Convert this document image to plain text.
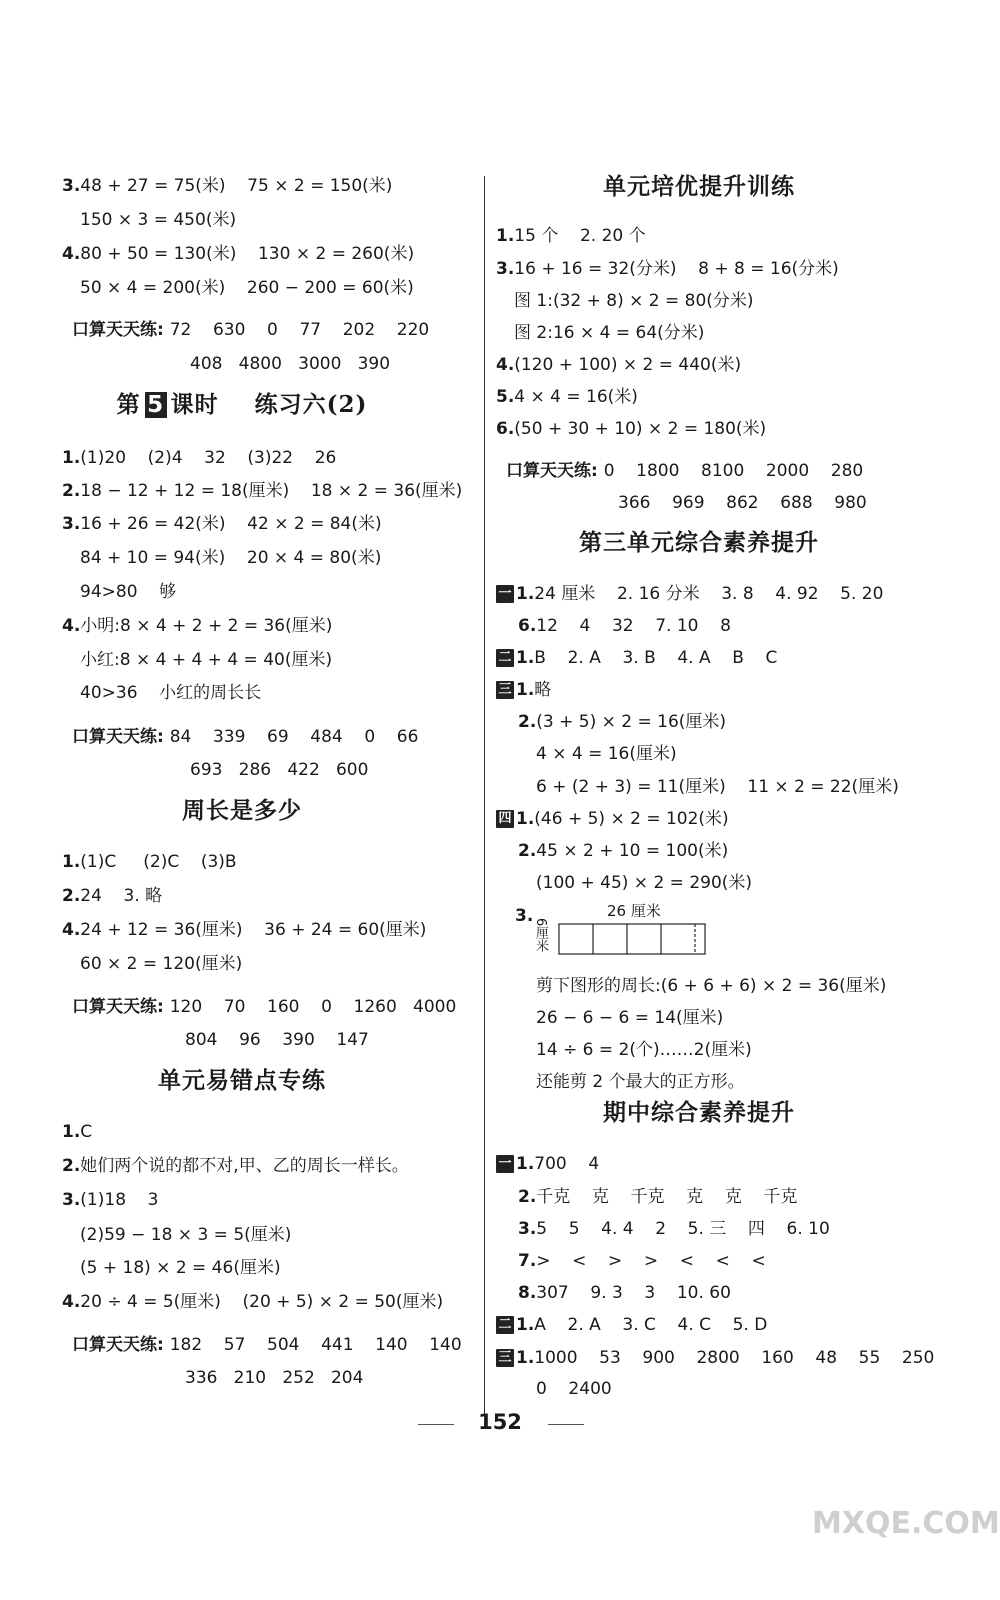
3.48 + 27 = 75(米)    75 × 2 = 150(米)
150 × 3 = 450(米)
4.80 + 50 = 130(米)    130 × 2 = 260(米)
50 × 4 = 200(米)    260 − 200 = 60(米)
1.(1)20    (2)4    32    (3)22    26
2.18 − 12 + 12 = 18(厘米)    18 × 2 = 36(厘米)
3.16 + 26 = 42(米)    42 × 2 = 84(米)
84 + 10 = 94(米)    20 × 4 = 80(米)
94>80    够
4.小明:8 × 4 + 2 + 2 = 36(厘米)
小红:8 × 4 + 4 + 4 = 40(厘米)
40>36    小红的周长长
1.(1)C     (2)C    (3)B
2.24    3. 略
4.24 + 12 = 36(厘米)    36 + 24 = 60(厘米)
60 × 2 = 120(厘米)
1.C
2.她们两个说的都不对,甲、乙的周长一样长。
3.(1)18    3
(2)59 − 18 × 3 = 5(厘米)
(5 + 18) × 2 = 46(厘米)
4.20 ÷ 4 = 5(厘米)    (20 + 5) × 2 = 50(厘米)
口算天天练: 72    630    0    77    202    220
408   4800   3000   390
口算天天练: 84    339    69    484    0    66
693   286   422   600
口算天天练: 120    70    160    0    1260   4000
804    96    390    147
口算天天练: 182    57    504    441    140    140
336   210   252   204
第 5 课时    练习六(2)
周长是多少
单元易错点专练
单元培优提升训练
第三单元综合素养提升
期中综合素养提升
1.15 个    2. 20 个
3.16 + 16 = 32(分米)    8 + 8 = 16(分米)
图 1:(32 + 8) × 2 = 80(分米)
图 2:16 × 4 = 64(分米)
4.(120 + 100) × 2 = 440(米)
5.4 × 4 = 16(米)
6.(50 + 30 + 10) × 2 = 180(米)
一 1.24 厘米    2. 16 分米    3. 8    4. 92    5. 20
6.12    4    32    7. 10    8
二 1.B    2. A    3. B    4. A    B    C
三 1.略
2.(3 + 5) × 2 = 16(厘米)
4 × 4 = 16(厘米)
6 + (2 + 3) = 11(厘米)    11 × 2 = 22(厘米)
四 1.(46 + 5) × 2 = 102(米)
2.45 × 2 + 10 = 100(米)
(100 + 45) × 2 = 290(米)
剪下图形的周长:(6 + 6 + 6) × 2 = 36(厘米)
26 − 6 − 6 = 14(厘米)
14 ÷ 6 = 2(个)……2(厘米)
还能剪 2 个最大的正方形。
一 1.700    4
2.千克    克    千克    克    克    千克
3.5    5    4. 4    2    5. 三    四    6. 10
7.>    <    >    >    <    <    <
8.307    9. 3    3    10. 60
二 1.A    2. A    3. C    4. C    5. D
三 1.1000    53    900    2800    160    48    55    250
0    2400
口算天天练: 0    1800    8100    2000    280
366    969    862    688    980
3.	26 厘米
6厘米
152
MXQE.COM
